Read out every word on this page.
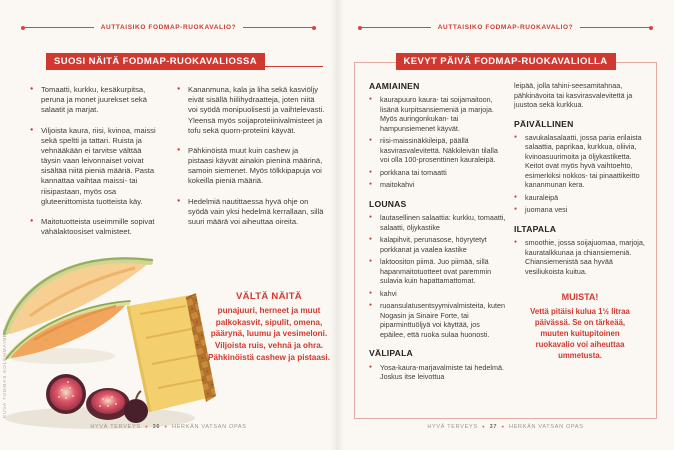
AUTTAISIKO FODMAP-RUOKAVALIO?
SUOSI NÄITÄ FODMAP-RUOKAVALIOSSA
● Tomaatti, kurkku, kesäkurpitsa, peruna ja monet juurekset sekä salaatit ja marjat.
● Viljoista kaura, riisi, kvinoa, maissi sekä speltti ja tattari. Ruista ja vehnääkään ei tarvitse välttää täysin vaan leivonnaiset voivat sisältää niitä pieniä määriä. Pasta kannattaa vaihtaa maissi- tai riisipastaan, myös osa gluteenittomista tuotteista käy.
● Maitotuotteista useimmille sopivat vähälaktoosiset valmisteet.
● Kananmuna, kala ja liha sekä kasviöljy eivät sisällä hiilihydraatteja, joten niitä voi syödä monipuolisesti ja vaihtelevasti. Yleensä myös soijaproteiinivalmisteet ja tofu sekä quorn-proteiini käyvät.
● Pähkinöistä muut kuin cashew ja pistaasi käyvät ainakin pieninä määrinä, samoin siemenet. Myös tölkkipapuja voi kokeilla pieniä määriä.
● Hedelmiä nautittaessa hyvä ohje on syödä vain yksi hedelmä kerrallaan, sillä suuri määrä voi aiheuttaa oireita.
VÄLTÄ NÄITÄ
punajuuri, herneet ja muut palkokasvit, sipulit, omena, päärynä, luumu ja vesimeloni. Viljoista ruis, vehnä ja ohra. Pähkinöistä cashew ja pistaasi.
KUVA TUOMAS KOLEHMAINEN
HYVÄ TERVEYS ● 36 ● HERKÄN VATSAN OPAS
AUTTAISIKO FODMAP-RUOKAVALIO?
KEVYT PÄIVÄ FODMAP-RUOKAVALIOLLA
AAMIAINEN
● kaurapuuro kaura- tai soijamaitoon, lisänä kurpitsansiemeniä ja marjoja. Myös auringonkukan- tai hampunsiemenet käyvät.
● riisi-maissinäkkileipä, päällä kasvirasvalevitettä. Näkkileivän tilalla voi olla 100-prosenttinen kauraleipä.
● porkkana tai tomaatti
● maitokahvi
LOUNAS
● lautasellinen salaattia: kurkku, tomaatti, salaatti, öljykastike
● kalapihvit, perunasose, höyrytetyt porkkanat ja vaalea kastike
● laktoositon piimä. Juo piimää, sillä hapanmaitotuotteet ovat paremmin sulavia kuin hapattamattomat.
● kahvi
● ruoansulatusentsyymivalmisteita, kuten Nogasin ja Sinaire Forte, tai piparminttuöljyä voi käyttää, jos epäilee, että ruoka sulaa huonosti.
VÄLIPALA
● Yosa-kaura-marjavalmiste tai hedelmä. Joskus itse leivottua
leipää, jolla tahini-seesamitahnaa, pähkinävoita tai kasvirasvalevitettä ja juustoa sekä kurkkua.
PÄIVÄLLINEN
● savukalasalaatti, jossa paria erilaista salaattia, paprikaa, kurkkua, oliivia, kvinoasuurimoita ja öljykastiketta. Keitot ovat myös hyvä vaihtoehto, esimerkiksi nokkos- tai pinaattikeitto kananmunan kera.
● kauraleipä
● juomana vesi
ILTAPALA
● smoothie, jossa soijajuomaa, marjoja, kauratalkkunaa ja chiansiemeniä. Chiansiemenistä saa hyvää vesiliukoista kuitua.
MUISTA!
Vettä pitäisi kulua 1½ litraa päivässä. Se on tärkeää, muuten kuitupitoinen ruokavalio voi aiheuttaa ummetusta.
HYVÄ TERVEYS ● 37 ● HERKÄN VATSAN OPAS
